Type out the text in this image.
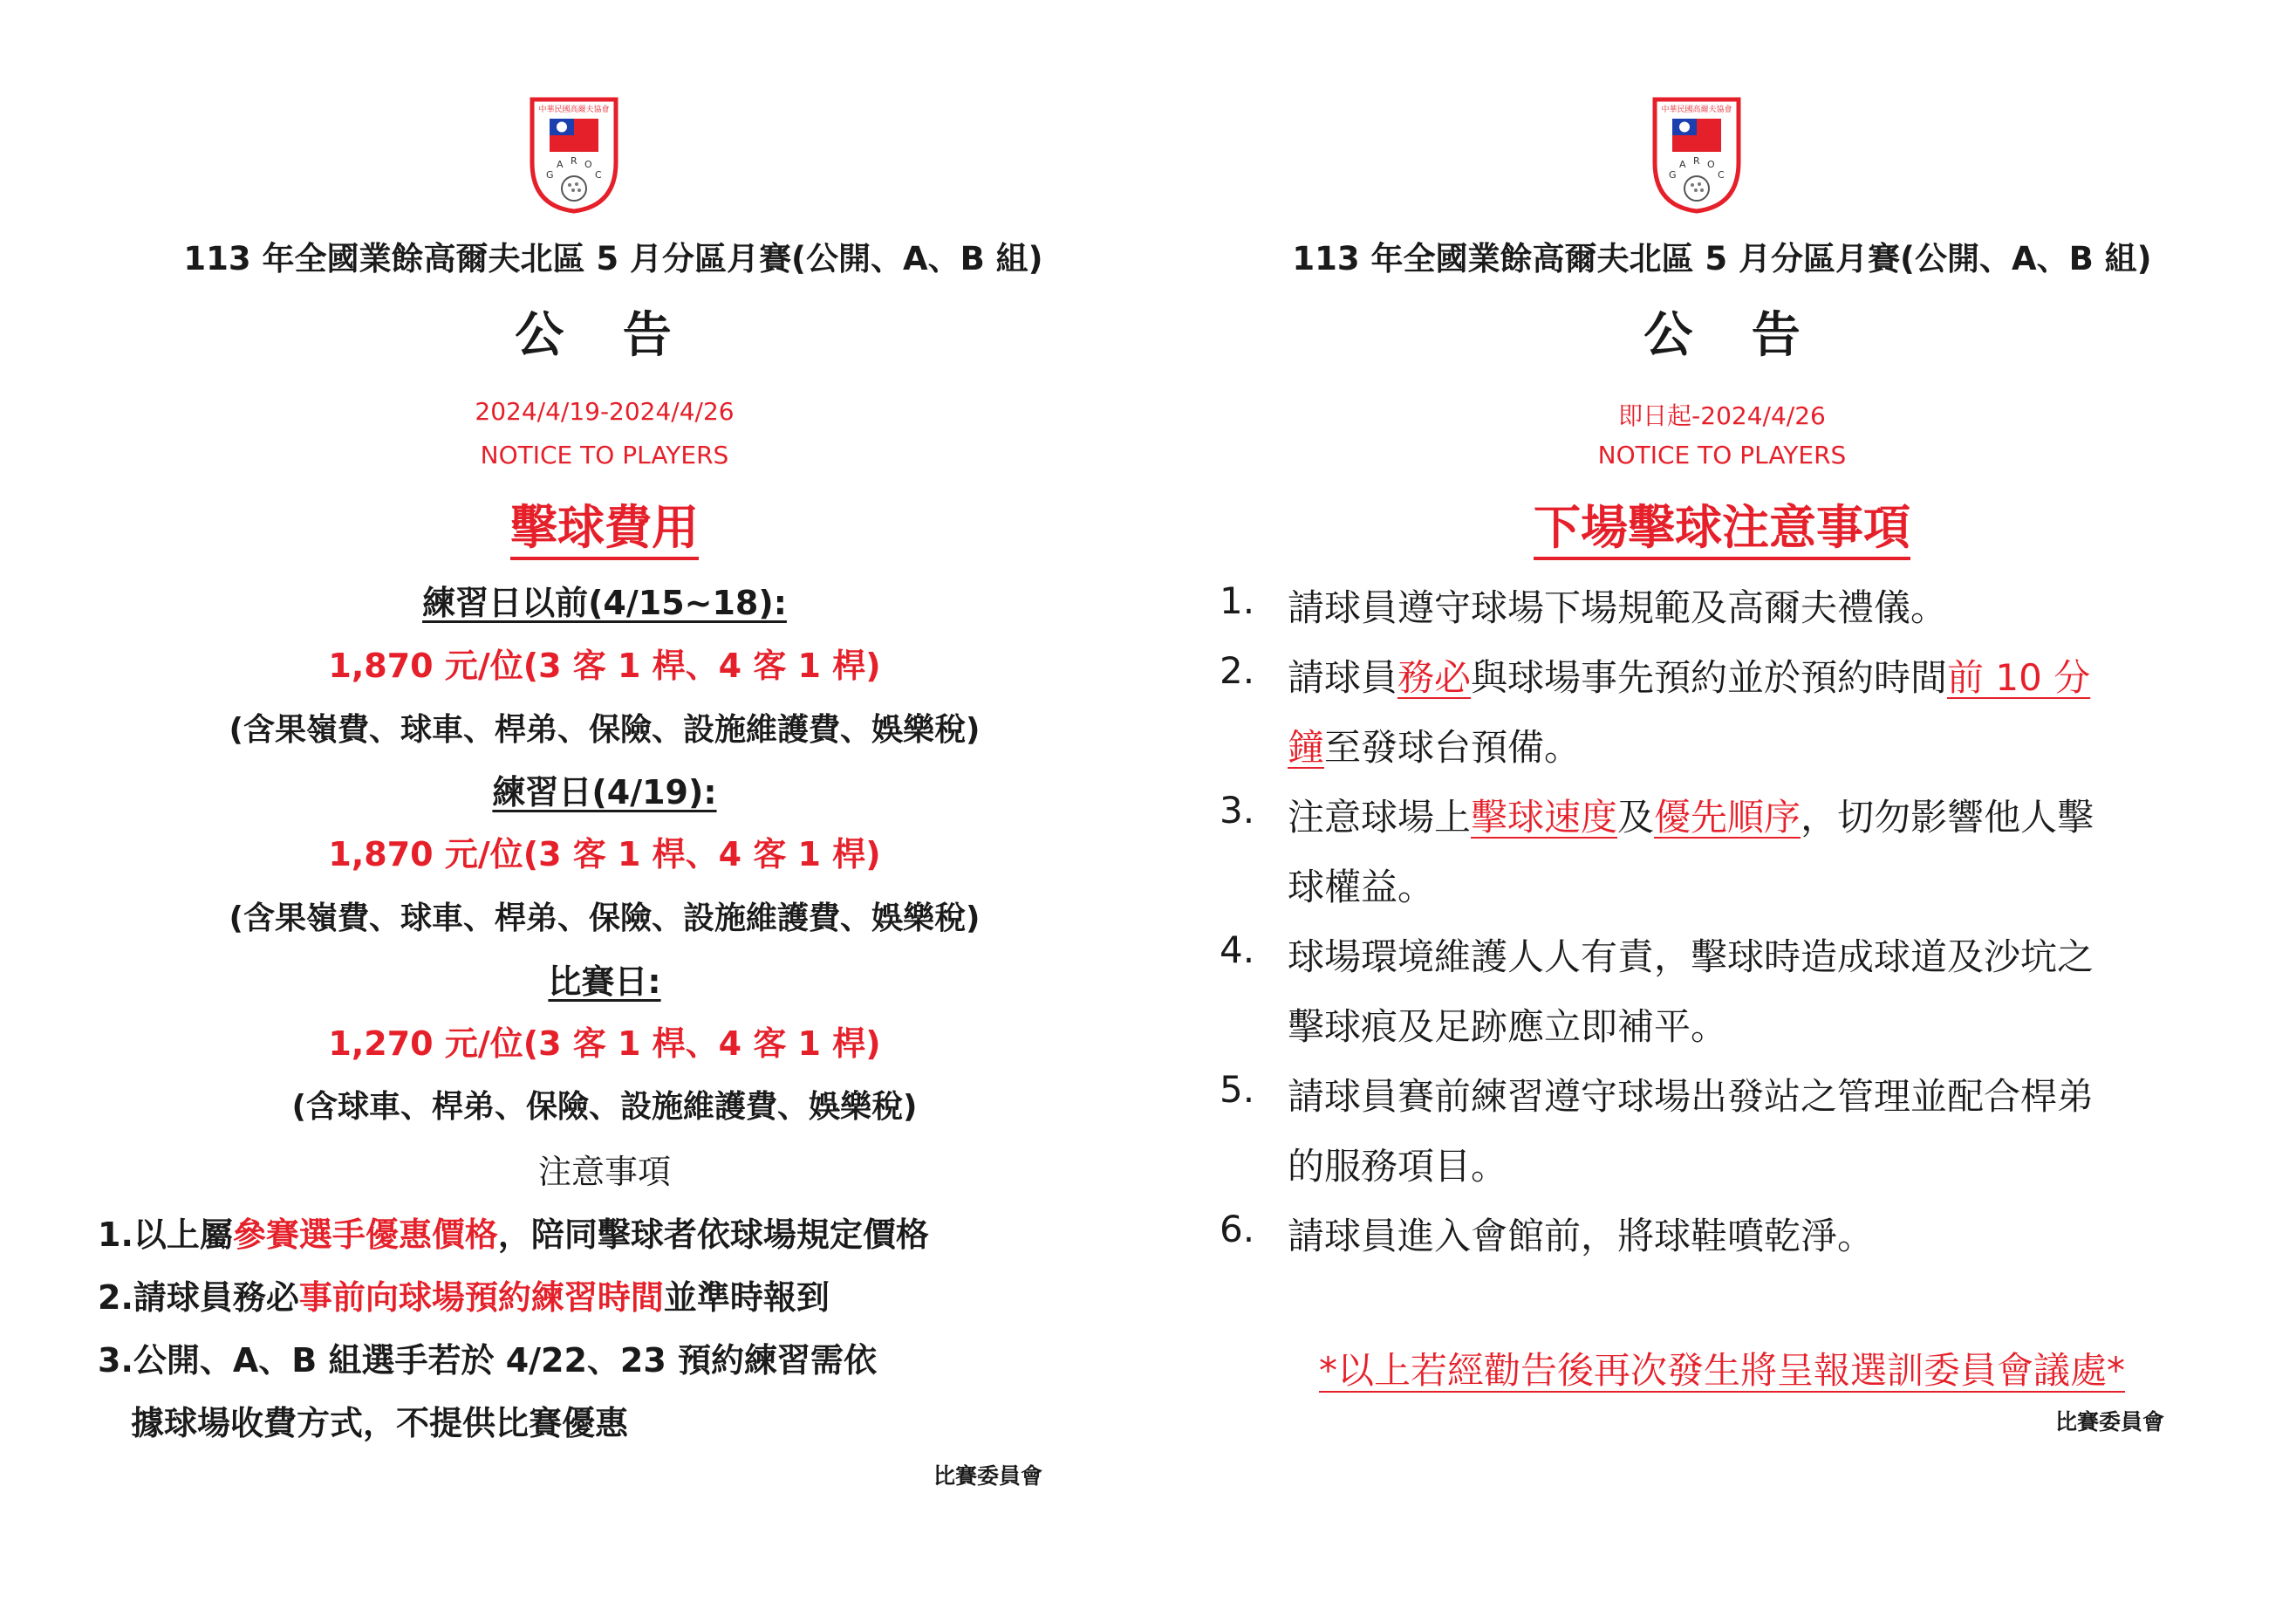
中華民國高爾夫協會
G
A R O
C
113 年全國業餘高爾夫北區 5 月分區月賽(公開、A、B 組)
公 告
2024/4/19-2024/4/26
NOTICE TO PLAYERS
擊球費用
練習日以前(4/15~18):
1,870 元/位(3 客 1 桿、4 客 1 桿)
(含果嶺費、球車、桿弟、保險、設施維護費、娛樂稅)
練習日(4/19):
1,870 元/位(3 客 1 桿、4 客 1 桿)
(含果嶺費、球車、桿弟、保險、設施維護費、娛樂稅)
比賽日:
1,270 元/位(3 客 1 桿、4 客 1 桿)
(含球車、桿弟、保險、設施維護費、娛樂稅)
注意事項
1.以上屬參賽選手優惠價格，陪同擊球者依球場規定價格
2.請球員務必事前向球場預約練習時間並準時報到
3.公開、A、B 組選手若於 4/22、23 預約練習需依
據球場收費方式，不提供比賽優惠
比賽委員會
中華民國高爾夫協會
G
A R O
C
113 年全國業餘高爾夫北區 5 月分區月賽(公開、A、B 組)
公 告
即日起-2024/4/26
NOTICE TO PLAYERS
下場擊球注意事項
1. 請球員遵守球場下場規範及高爾夫禮儀。
2. 請球員務必與球場事先預約並於預約時間前 10 分
鐘至發球台預備。
3. 注意球場上擊球速度及優先順序，切勿影響他人擊
球權益。
4. 球場環境維護人人有責，擊球時造成球道及沙坑之
擊球痕及足跡應立即補平。
5. 請球員賽前練習遵守球場出發站之管理並配合桿弟
的服務項目。
6. 請球員進入會館前，將球鞋噴乾淨。
*以上若經勸告後再次發生將呈報選訓委員會議處*
比賽委員會
